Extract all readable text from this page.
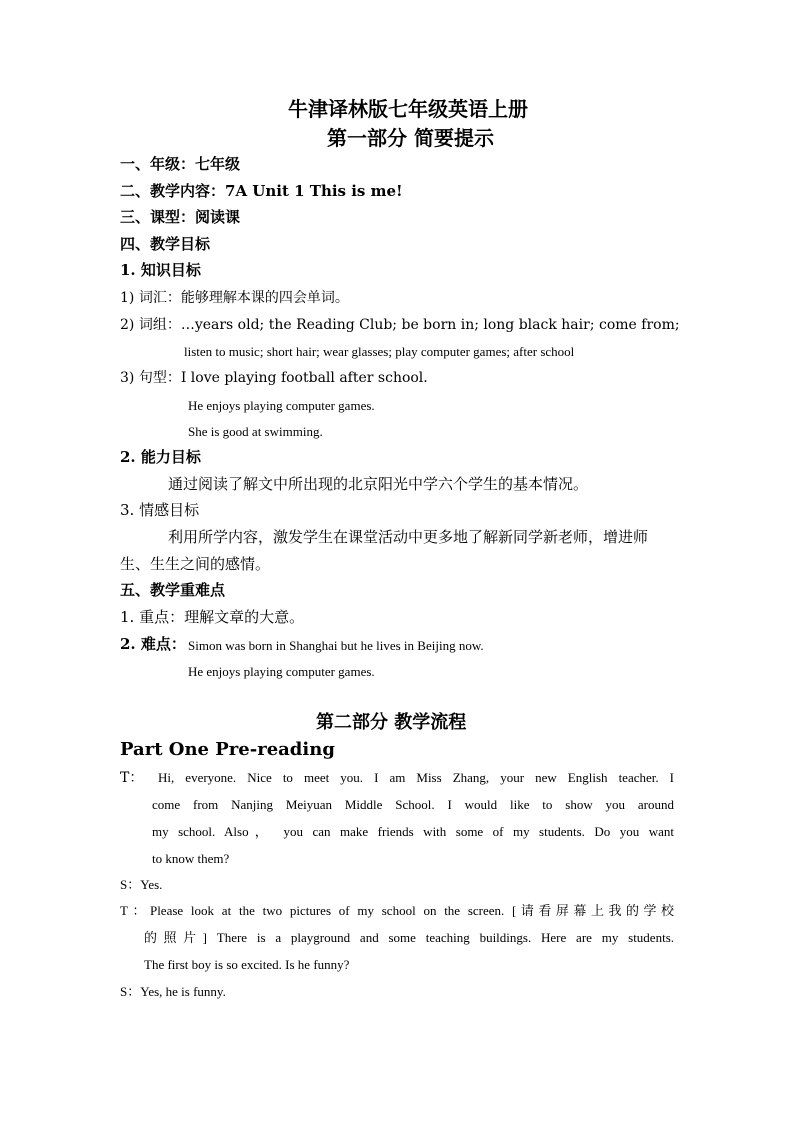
牛津译林版七年级英语上册
第一部分 简要提示
一、年级：七年级
二、教学内容：7A Unit 1 This is me!
三、课型：阅读课
四、教学目标
1. 知识目标
1) 词汇：能够理解本课的四会单词。
2) 词组：…years old; the Reading Club; be born in; long black hair; come from;
listen to music; short hair; wear glasses; play computer games; after school
3) 句型：I love playing football after school.
He enjoys playing computer games.
She is good at swimming.
2. 能力目标
通过阅读了解文中所出现的北京阳光中学六个学生的基本情况。
3. 情感目标
利用所学内容，激发学生在课堂活动中更多地了解新同学新老师，增进师
生、生生之间的感情。
五、教学重难点
1. 重点：理解文章的大意。
2. 难点： Simon was born in Shanghai but he lives in Beijing now.
He enjoys playing computer games.
第二部分 教学流程
Part One Pre-reading
T： Hi, everyone. Nice to meet you. I am Miss Zhang, your new English teacher. I
come from Nanjing Meiyuan Middle School. I would like to show you around
my school. Also， you can make friends with some of my students. Do you want
to know them?
S：Yes.
T：Please look at the two pictures of my school on the screen. [请看屏幕上我的学校
的照片] There is a playground and some teaching buildings. Here are my students.
The first boy is so excited. Is he funny?
S：Yes, he is funny.
